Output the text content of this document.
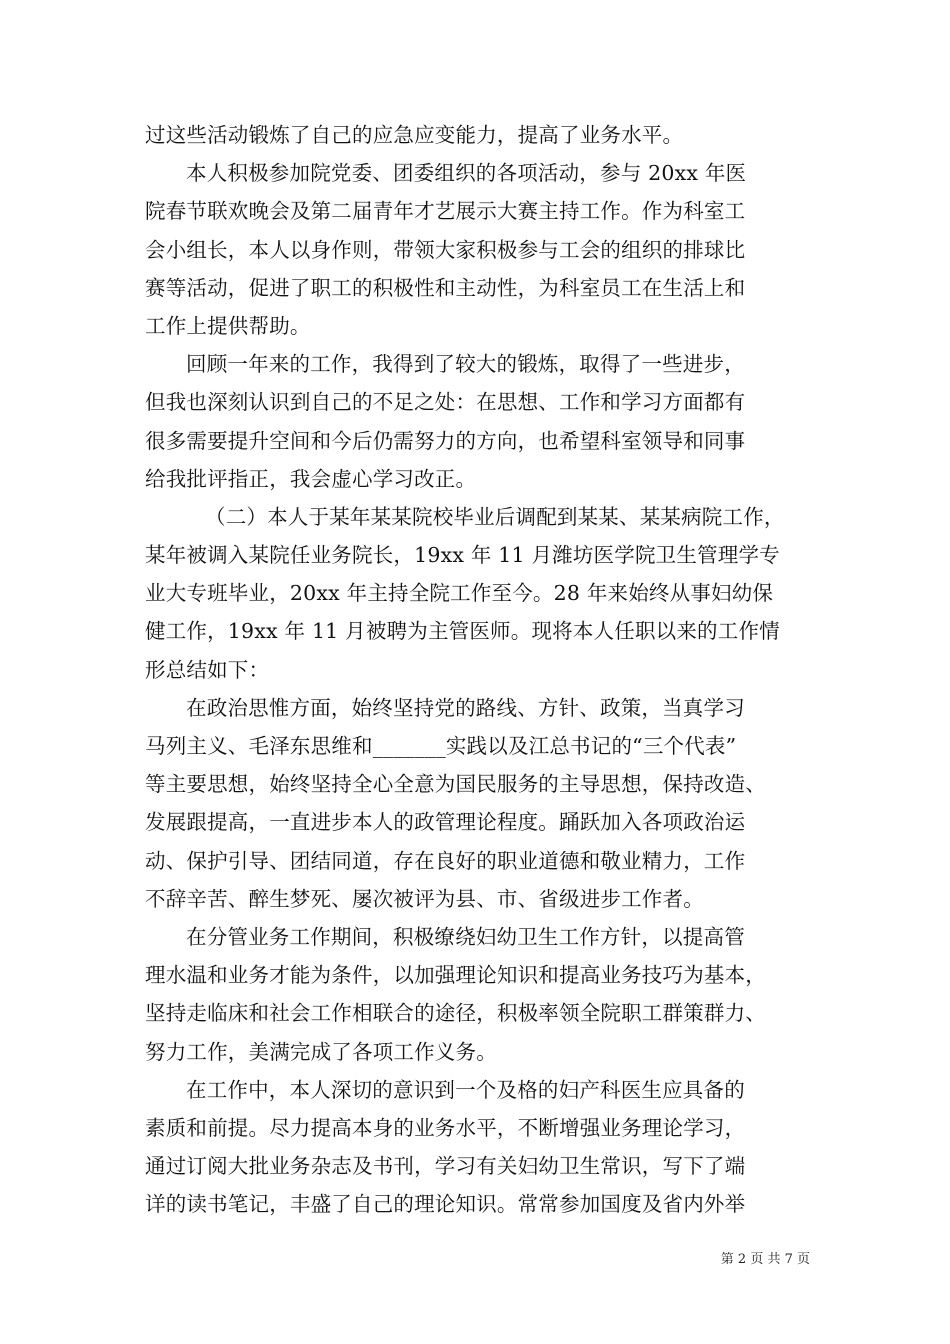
过这些活动锻炼了自己的应急应变能力，提高了业务水平。
本人积极参加院党委、团委组织的各项活动，参与 20xx 年医
院春节联欢晚会及第二届青年才艺展示大赛主持工作。作为科室工
会小组长，本人以身作则，带领大家积极参与工会的组织的排球比
赛等活动，促进了职工的积极性和主动性，为科室员工在生活上和
工作上提供帮助。
回顾一年来的工作，我得到了较大的锻炼，取得了一些进步，
但我也深刻认识到自己的不足之处：在思想、工作和学习方面都有
很多需要提升空间和今后仍需努力的方向，也希望科室领导和同事
给我批评指正，我会虚心学习改正。
（二）本人于某年某某院校毕业后调配到某某、某某病院工作，
某年被调入某院任业务院长，19xx 年 11 月潍坊医学院卫生管理学专
业大专班毕业，20xx 年主持全院工作至今。28 年来始终从事妇幼保
健工作，19xx 年 11 月被聘为主管医师。现将本人任职以来的工作情
形总结如下：
在政治思惟方面，始终坚持党的路线、方针、政策，当真学习
马列主义、毛泽东思维和_______实践以及江总书记的“三个代表”
等主要思想，始终坚持全心全意为国民服务的主导思想，保持改造、
发展跟提高，一直进步本人的政管理论程度。踊跃加入各项政治运
动、保护引导、团结同道，存在良好的职业道德和敬业精力，工作
不辞辛苦、醉生梦死、屡次被评为县、市、省级进步工作者。
在分管业务工作期间，积极缭绕妇幼卫生工作方针，以提高管
理水温和业务才能为条件，以加强理论知识和提高业务技巧为基本，
坚持走临床和社会工作相联合的途径，积极率领全院职工群策群力、
努力工作，美满完成了各项工作义务。
在工作中，本人深切的意识到一个及格的妇产科医生应具备的
素质和前提。尽力提高本身的业务水平，不断增强业务理论学习，
通过订阅大批业务杂志及书刊，学习有关妇幼卫生常识，写下了端
详的读书笔记，丰盛了自己的理论知识。常常参加国度及省内外举
第 2 页 共 7 页
